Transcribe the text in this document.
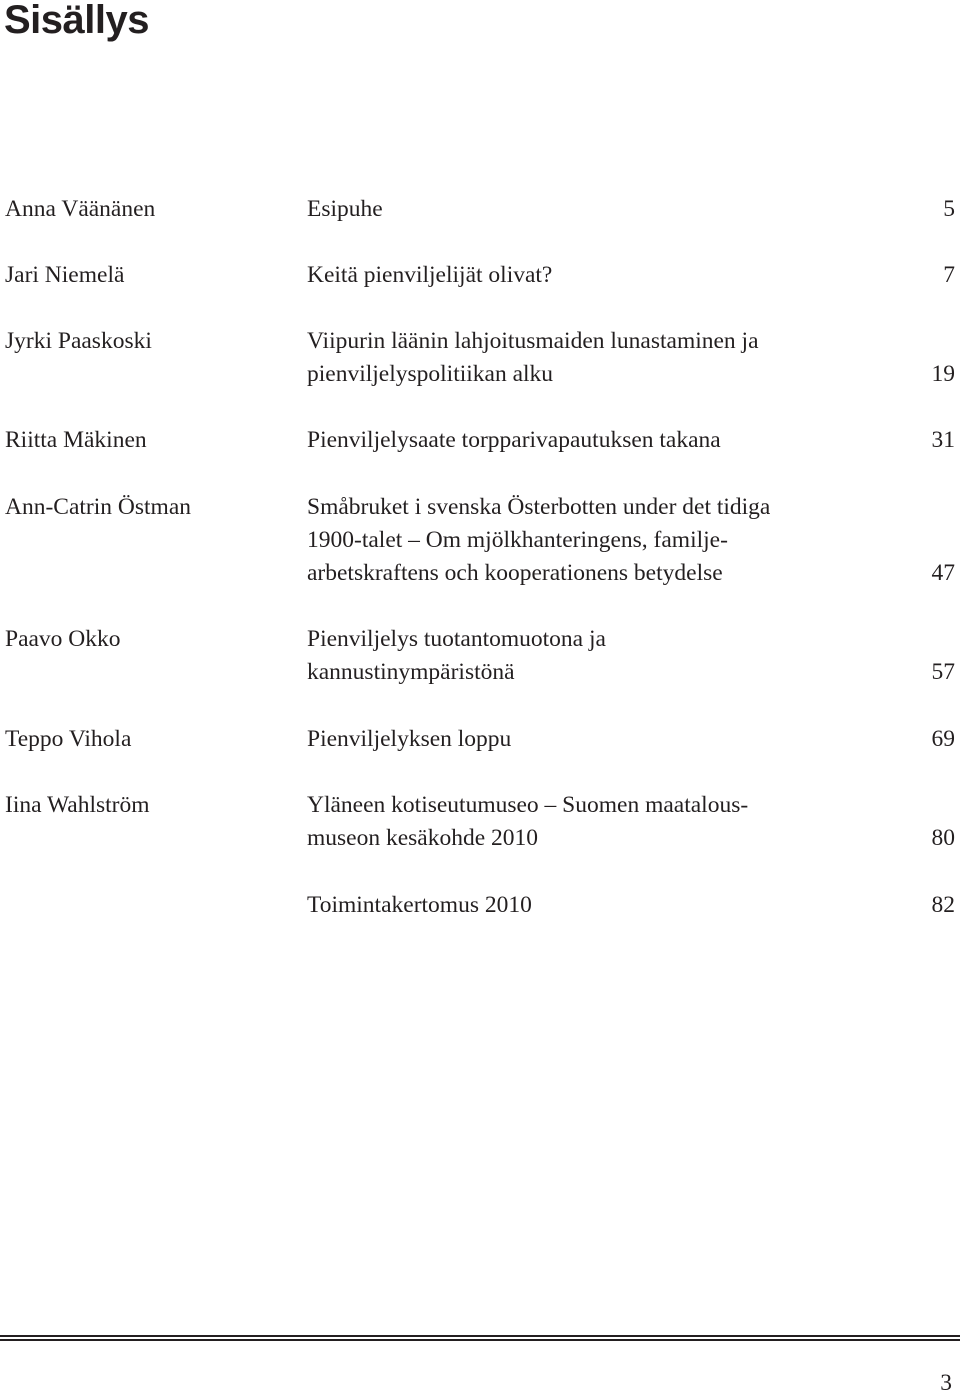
Sisällys
Anna Väänänen	Esipuhe	5
Jari Niemelä	Keitä pienviljelijät olivat?	7
Jyrki Paaskoski	Viipurin läänin lahjoitusmaiden lunastaminen ja
pienviljelyspolitiikan alku	19
Riitta Mäkinen	Pienviljelysaate torpparivapautuksen takana	31
Ann-Catrin Östman	Småbruket i svenska Österbotten under det tidiga
1900-talet – Om mjölkhanteringens, familje-
arbetskraftens och kooperationens betydelse	47
Paavo Okko	Pienviljelys tuotantomuotona ja
kannustinympäristönä	57
Teppo Vihola	Pienviljelyksen loppu	69
Iina Wahlström	Yläneen kotiseutumuseo – Suomen maatalous-
museon kesäkohde 2010	80
Toimintakertomus 2010	82
3
